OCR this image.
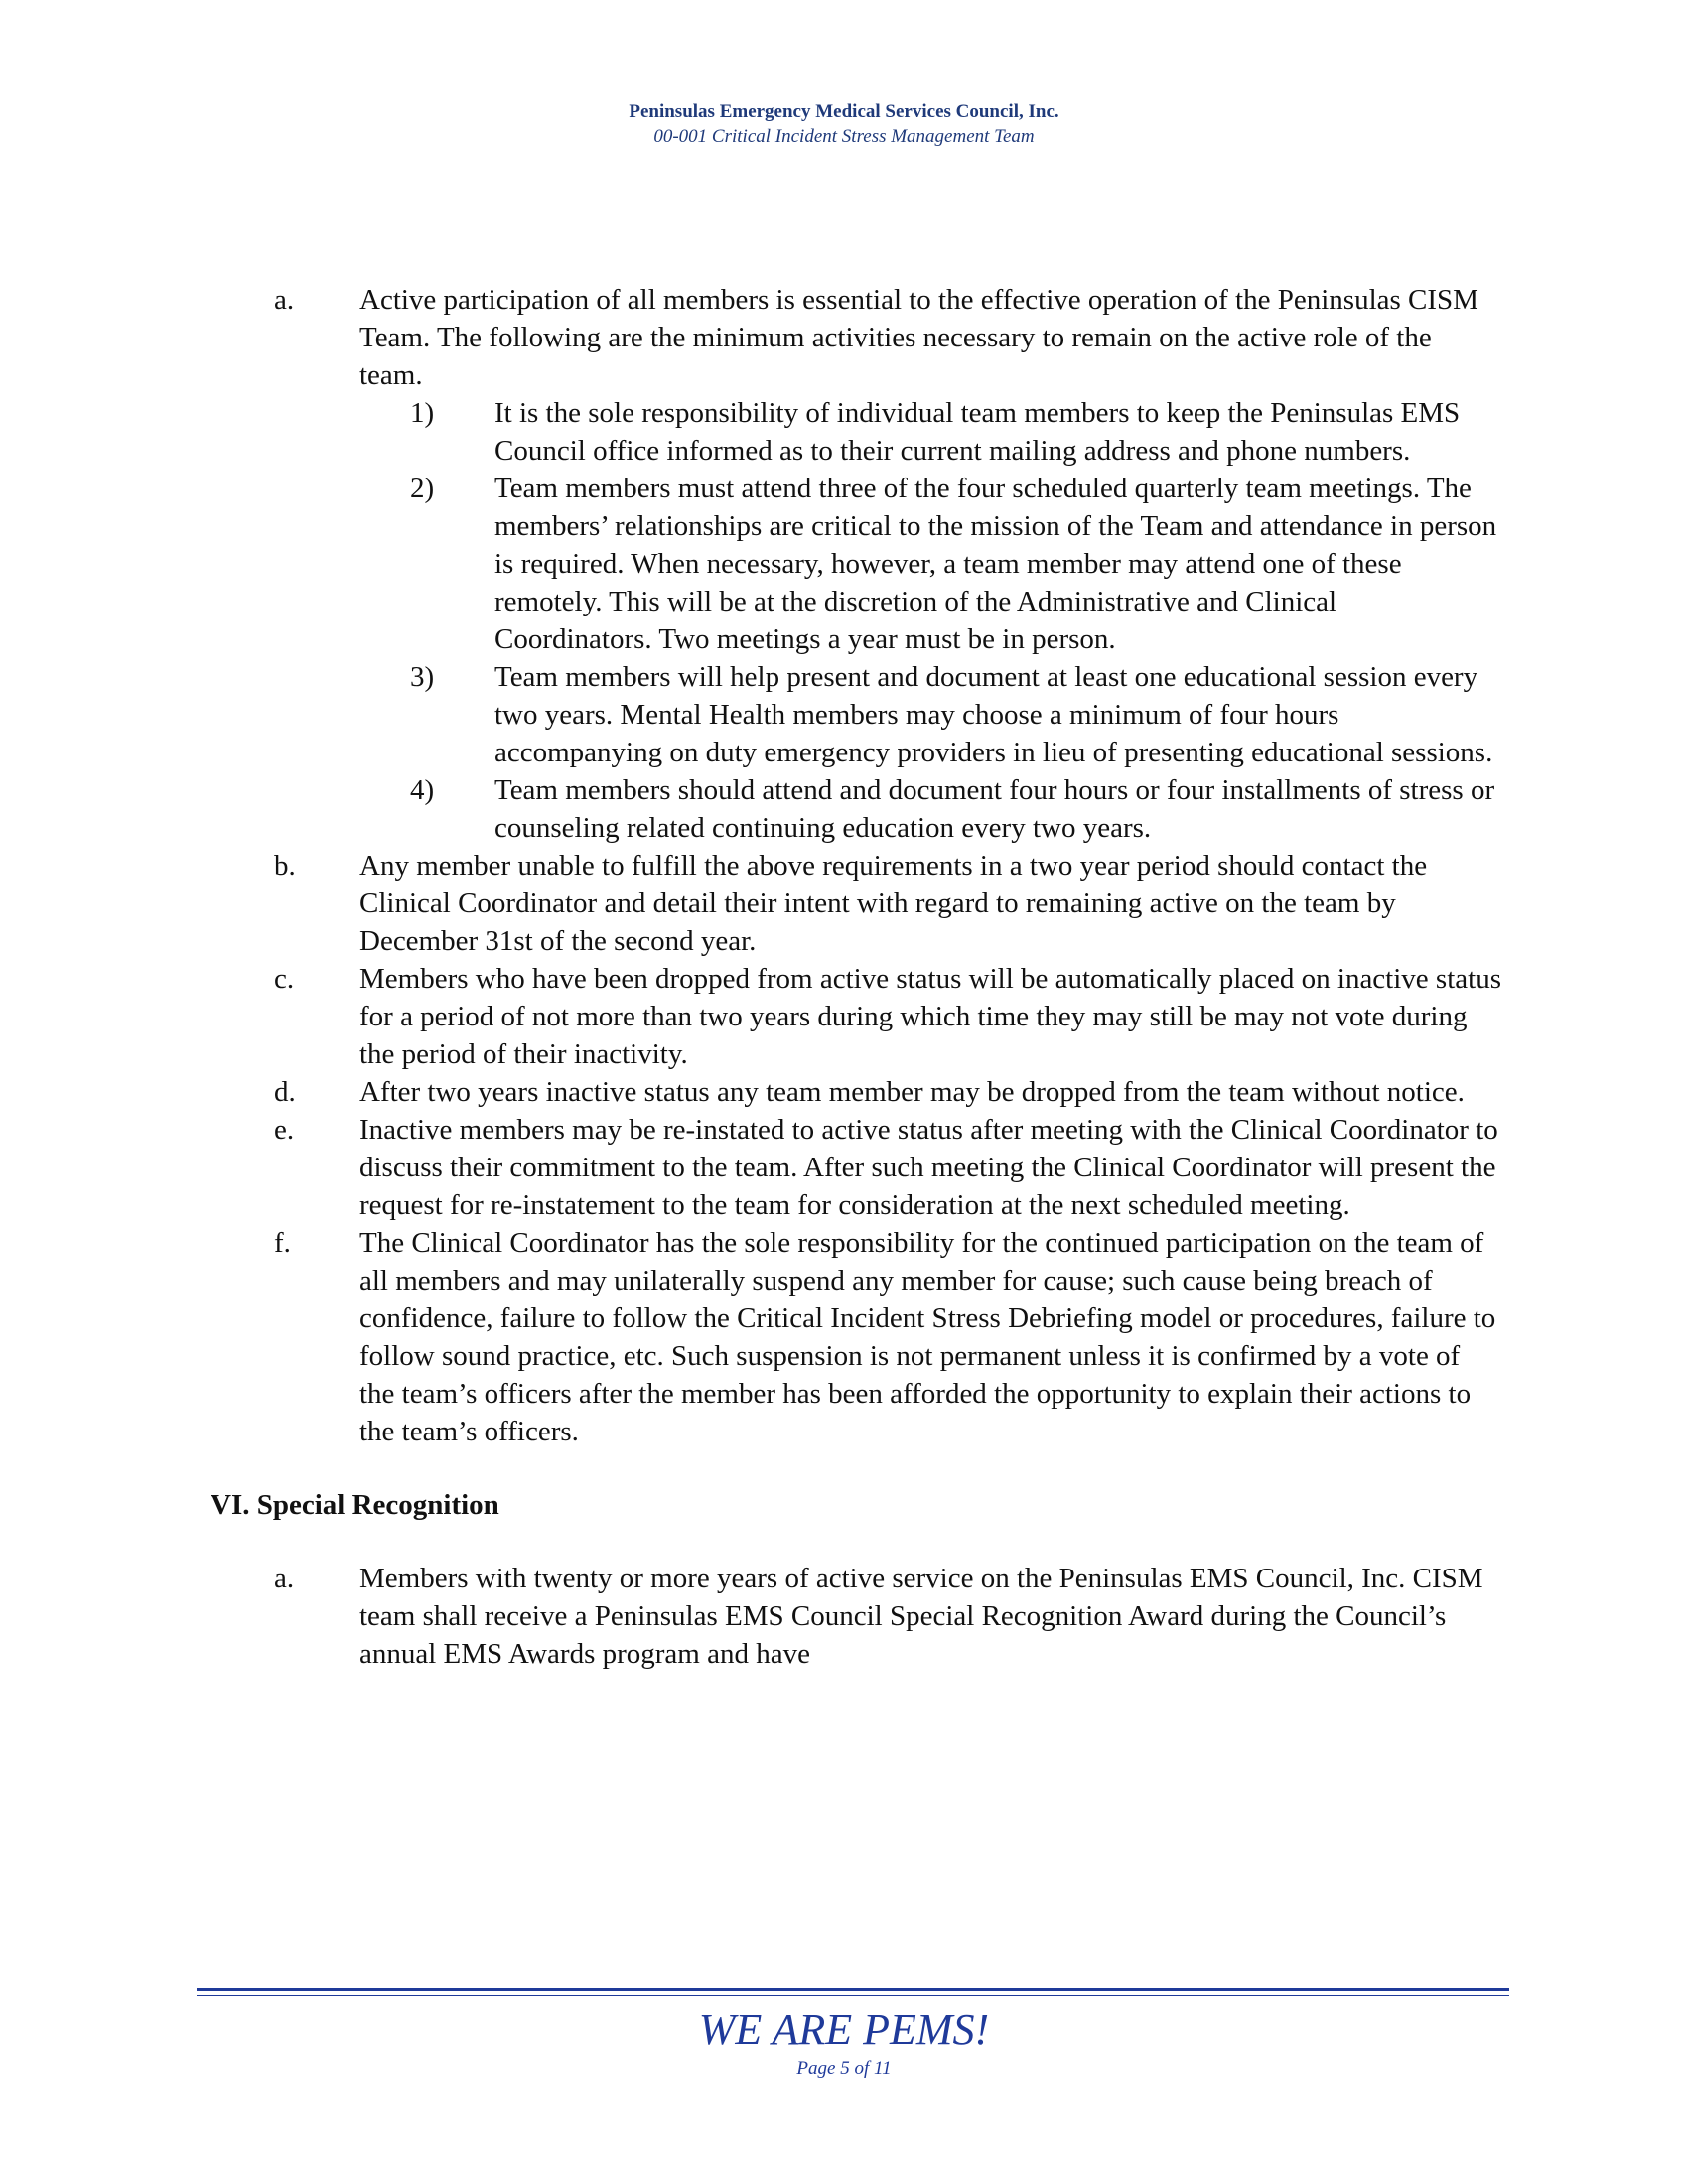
Peninsulas Emergency Medical Services Council, Inc.
00-001 Critical Incident Stress Management Team
a. Active participation of all members is essential to the effective operation of the Peninsulas CISM Team. The following are the minimum activities necessary to remain on the active role of the team.
1) It is the sole responsibility of individual team members to keep the Peninsulas EMS Council office informed as to their current mailing address and phone numbers.
2) Team members must attend three of the four scheduled quarterly team meetings. The members’ relationships are critical to the mission of the Team and attendance in person is required. When necessary, however, a team member may attend one of these remotely. This will be at the discretion of the Administrative and Clinical Coordinators. Two meetings a year must be in person.
3) Team members will help present and document at least one educational session every two years. Mental Health members may choose a minimum of four hours accompanying on duty emergency providers in lieu of presenting educational sessions.
4) Team members should attend and document four hours or four installments of stress or counseling related continuing education every two years.
b. Any member unable to fulfill the above requirements in a two year period should contact the Clinical Coordinator and detail their intent with regard to remaining active on the team by December 31st of the second year.
c. Members who have been dropped from active status will be automatically placed on inactive status for a period of not more than two years during which time they may still be may not vote during the period of their inactivity.
d. After two years inactive status any team member may be dropped from the team without notice.
e. Inactive members may be re-instated to active status after meeting with the Clinical Coordinator to discuss their commitment to the team. After such meeting the Clinical Coordinator will present the request for re-instatement to the team for consideration at the next scheduled meeting.
f. The Clinical Coordinator has the sole responsibility for the continued participation on the team of all members and may unilaterally suspend any member for cause; such cause being breach of confidence, failure to follow the Critical Incident Stress Debriefing model or procedures, failure to follow sound practice, etc. Such suspension is not permanent unless it is confirmed by a vote of the team’s officers after the member has been afforded the opportunity to explain their actions to the team’s officers.
VI. Special Recognition
a. Members with twenty or more years of active service on the Peninsulas EMS Council, Inc. CISM team shall receive a Peninsulas EMS Council Special Recognition Award during the Council’s annual EMS Awards program and have
WE ARE PEMS!
Page 5 of 11
